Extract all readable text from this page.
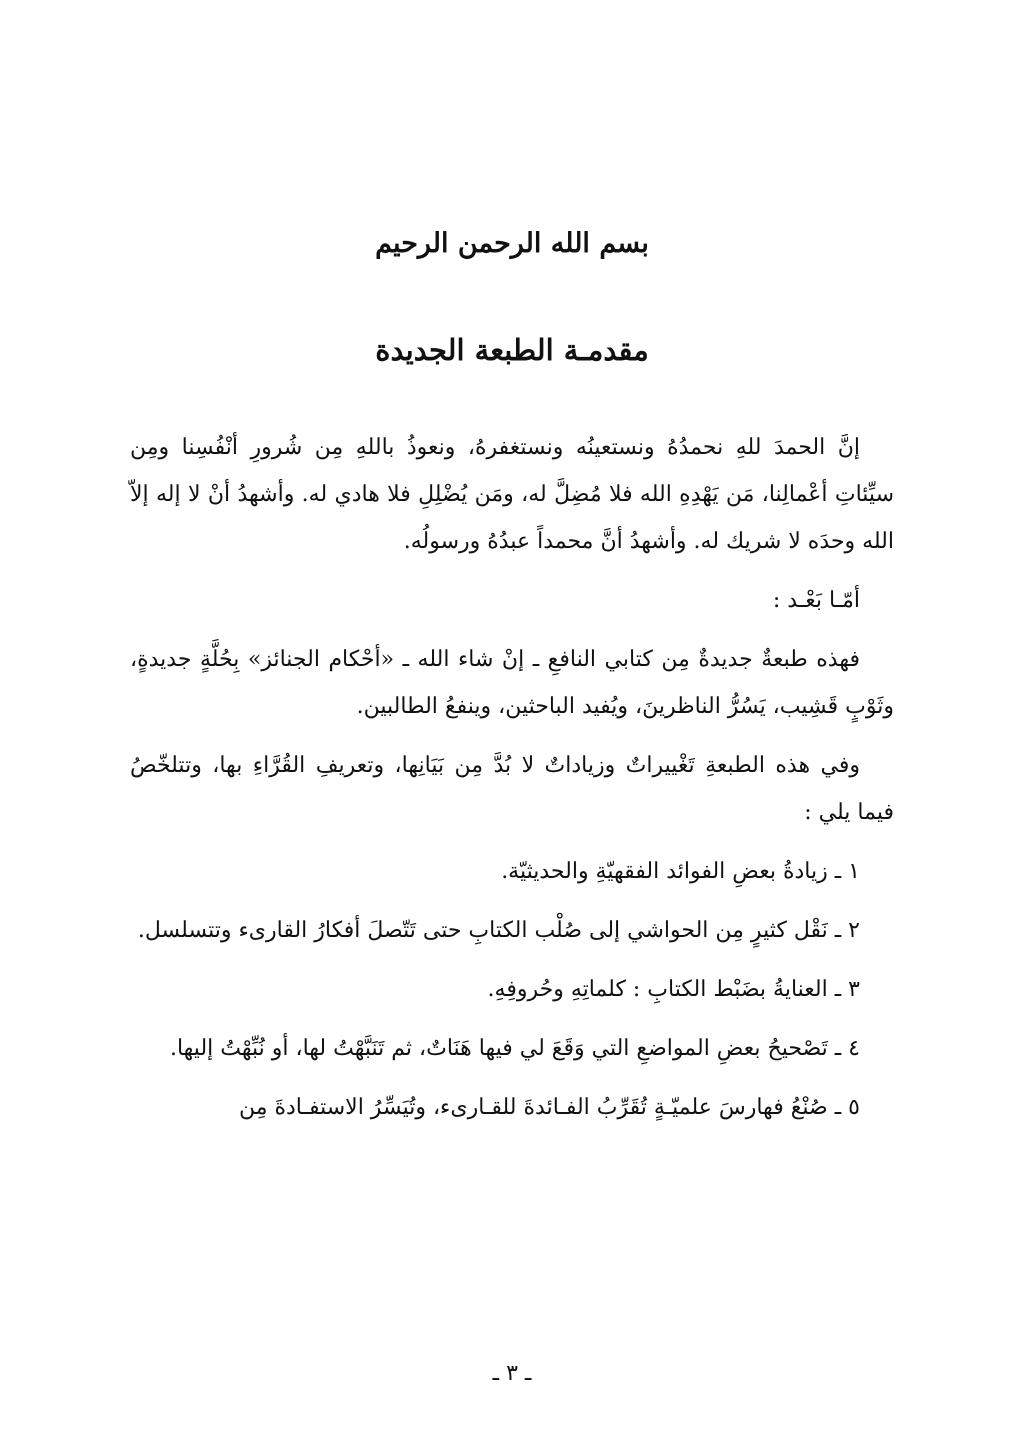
بسم الله الرحمن الرحيم
مقدمـة الطبعة الجديدة

إنَّ الحمدَ للهِ نحمدُهُ ونستعينُه ونستغفرهُ، ونعوذُ باللهِ مِن شُرورِ أنْفُسِنا ومِن سيِّئاتِ أعْمالِنا، مَن يَهْدِهِ الله فلا مُضِلَّ له، ومَن يُضْلِلِ فلا هادي له. وأشهدُ أنْ لا إله إلاّ الله وحدَه لا شريك له. وأشهدُ أنَّ محمداً عبدُهُ ورسولُه.

أمّـا بَعْـد :

فهذه طبعةٌ جديدةٌ مِن كتابي النافعِ ـ إنْ شاء الله ـ «أحْكام الجنائز» بِحُلَّةٍ جديدةٍ، وثَوْبٍ قَشِيب، يَسُرُّ الناظرينَ، ويُفيد الباحثين، وينفعُ الطالبين.

وفي هذه الطبعةِ تَغْييراتٌ وزياداتٌ لا بُدَّ مِن بَيَانِها، وتعريفِ القُرَّاءِ بها، وتتلخّصُ فيما يلي :

١ ـ زيادةُ بعضِ الفوائد الفقهيّةِ والحديثيّة.

٢ ـ نَقْل كثيرٍ مِن الحواشي إلى صُلْب الكتابِ حتى تَتّصلَ أفكارُ القارىء وتتسلسل.

٣ ـ العنايةُ بضَبْط الكتابِ : كلماتِهِ وحُروفِهِ.

٤ ـ تَصْحيحُ بعضِ المواضعِ التي وَقَعَ لي فيها هَنَاتٌ، ثم تَنَبَّهْتُ لها، أو نُبِّهْتُ إليها.

٥ ـ صُنْعُ فهارسَ علميّـةٍ تُقَرِّبُ الفـائدةَ للقـارىء، وتُيَسِّرُ الاستفـادةَ مِن

ـ ٣ ـ
